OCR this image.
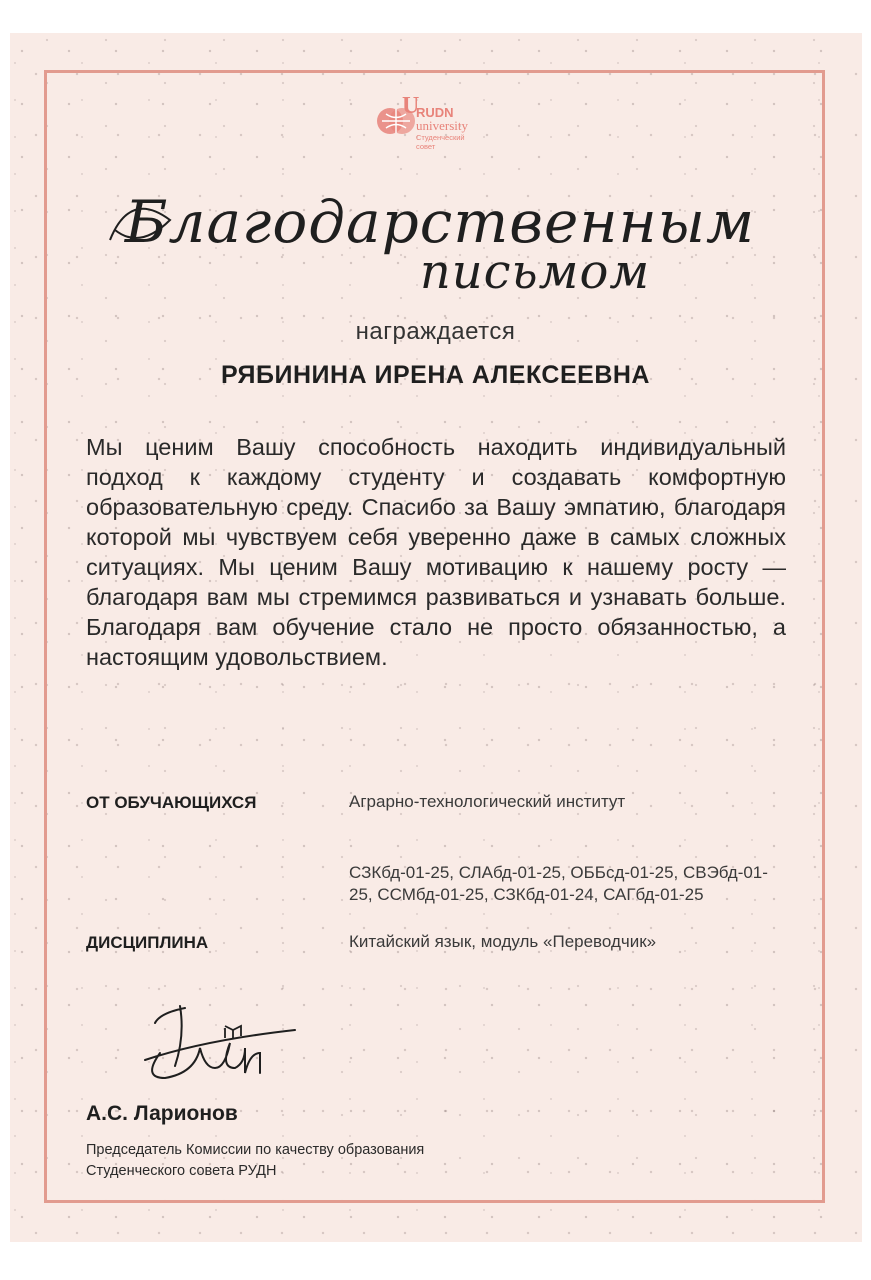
U
RUDN
university
Студенческий
совет
Благодарственным
письмом
награждается
РЯБИНИНА ИРЕНА АЛЕКСЕЕВНА
Мы ценим Вашу способность находить индивидуальный подход к каждому студенту и создавать комфортную образовательную среду. Спасибо за Вашу эмпатию, благодаря которой мы чувствуем себя уверенно даже в самых сложных ситуациях. Мы ценим Вашу мотивацию к нашему росту — благодаря вам мы стремимся развиваться и узнавать больше. Благодаря вам обучение стало не просто обязанностью, а настоящим удовольствием.
ОТ ОБУЧАЮЩИХСЯ	Аграрно-технологический институт
СЗКбд-01-25, СЛАбд-01-25, ОББсд-01-25, СВЭбд-01-25, ССМбд-01-25, СЗКбд-01-24, САГбд-01-25
ДИСЦИПЛИНА	Китайский язык, модуль «Переводчик»
А.С. Ларионов
Председатель Комиссии по качеству образования
Студенческого совета РУДН
